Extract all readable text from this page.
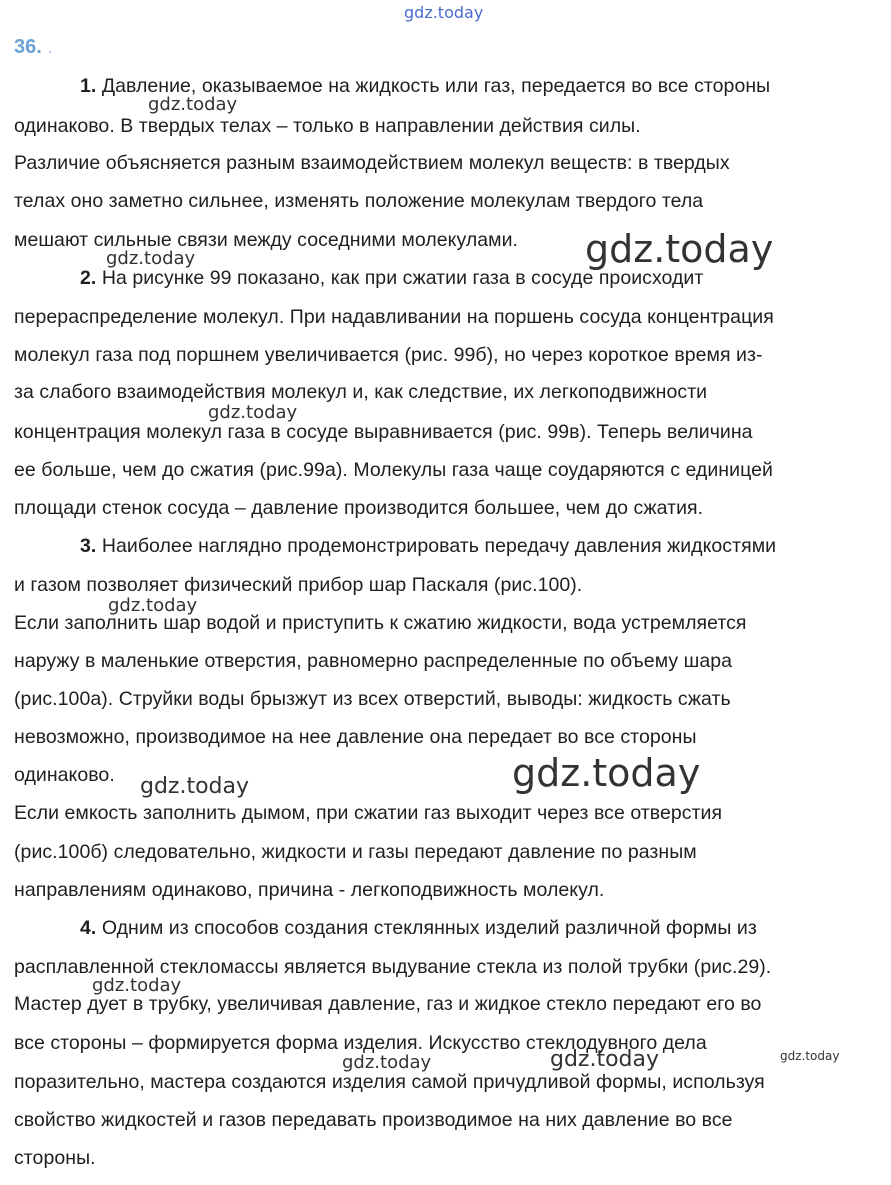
gdz.today
gdz.today
gdz.today	gdz.today
gdz.today
gdz.today
gdz.today	gdz.today
gdz.today
gdz.today	gdz.today	gdz.today
36. .
1. Давление, оказываемое на жидкость или газ, передается во все стороны
одинаково. В твердых телах – только в направлении действия силы.
Различие объясняется разным взаимодействием молекул веществ: в твердых
телах оно заметно сильнее, изменять положение молекулам твердого тела
мешают сильные связи между соседними молекулами.
2. На рисунке 99 показано, как при сжатии газа в сосуде происходит
перераспределение молекул. При надавливании на поршень сосуда концентрация
молекул газа под поршнем увеличивается (рис. 99б), но через короткое время из-
за слабого взаимодействия молекул и, как следствие, их легкоподвижности
концентрация молекул газа в сосуде выравнивается (рис. 99в). Теперь величина
ее больше, чем до сжатия (рис.99а). Молекулы газа чаще соударяются с единицей
площади стенок сосуда – давление производится большее, чем до сжатия.
3. Наиболее наглядно продемонстрировать передачу давления жидкостями
и газом позволяет физический прибор шар Паскаля (рис.100).
Если заполнить шар водой и приступить к сжатию жидкости, вода устремляется
наружу в маленькие отверстия, равномерно распределенные по объему шара
(рис.100а). Струйки воды брызжут из всех отверстий, выводы: жидкость сжать
невозможно, производимое на нее давление она передает во все стороны
одинаково.
Если емкость заполнить дымом, при сжатии газ выходит через все отверстия
(рис.100б) следовательно, жидкости и газы передают давление по разным
направлениям одинаково, причина - легкоподвижность молекул.
4. Одним из способов создания стеклянных изделий различной формы из
расплавленной стекломассы является выдувание стекла из полой трубки (рис.29).
Мастер дует в трубку, увеличивая давление, газ и жидкое стекло передают его во
все стороны – формируется форма изделия. Искусство стеклодувного дела
поразительно, мастера создаются изделия самой причудливой формы, используя
свойство жидкостей и газов передавать производимое на них давление во все
стороны.
